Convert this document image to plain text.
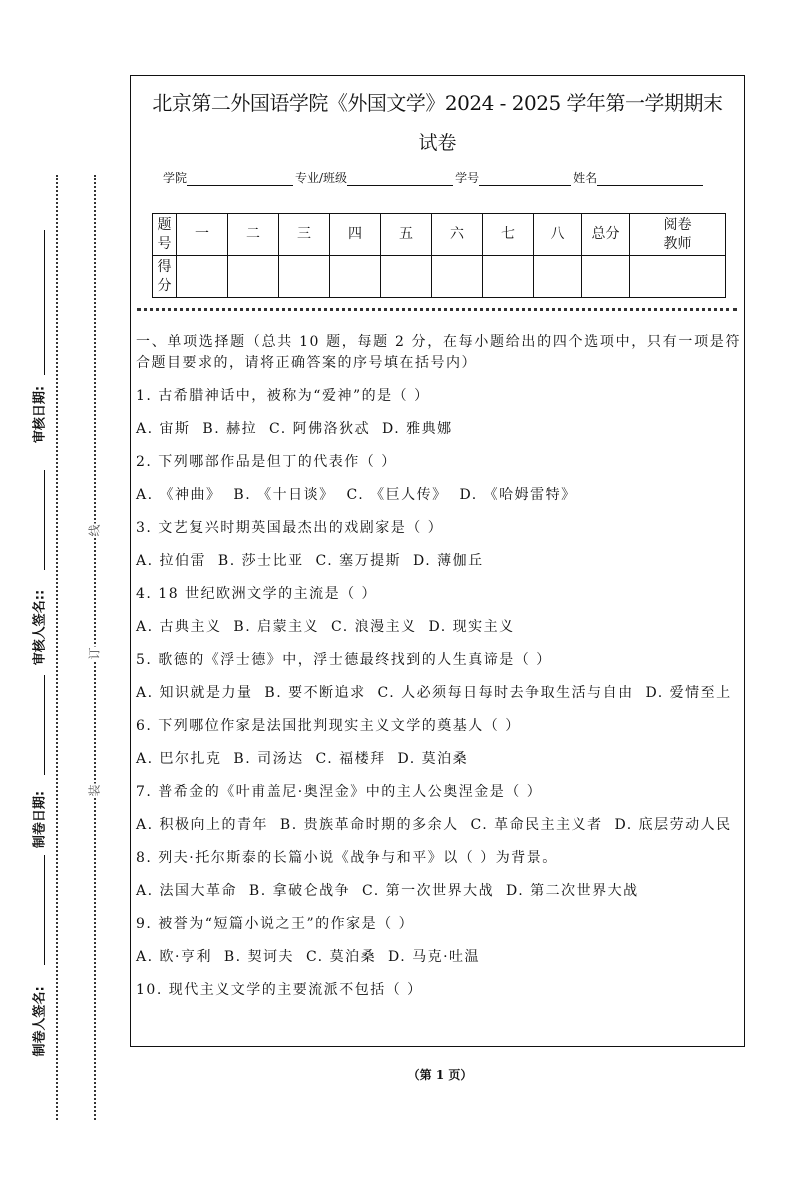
审核日期:
审核人签名::
制卷日期:
制卷人签名:
线
订
装
北京第二外国语学院《外国文学》2024 - 2025 学年第一学期期末
试卷
学院	专业/班级	学号	姓名
题号	一	二	三	四	五	六	七	八	总分	阅卷教师
得分										

一、单项选择题（总共 10 题，每题 2 分，在每小题给出的四个选项中，只有一项是符合题目要求的，请将正确答案的序号填在括号内）

1. 古希腊神话中，被称为“爱神”的是（ ）

A. 宙斯  B. 赫拉  C. 阿佛洛狄忒  D. 雅典娜

2. 下列哪部作品是但丁的代表作（ ）

A. 《神曲》  B. 《十日谈》  C. 《巨人传》  D. 《哈姆雷特》

3. 文艺复兴时期英国最杰出的戏剧家是（ ）

A. 拉伯雷  B. 莎士比亚  C. 塞万提斯  D. 薄伽丘

4. 18 世纪欧洲文学的主流是（ ）

A. 古典主义  B. 启蒙主义  C. 浪漫主义  D. 现实主义

5. 歌德的《浮士德》中，浮士德最终找到的人生真谛是（ ）

A. 知识就是力量  B. 要不断追求  C. 人必须每日每时去争取生活与自由  D. 爱情至上

6. 下列哪位作家是法国批判现实主义文学的奠基人（ ）

A. 巴尔扎克  B. 司汤达  C. 福楼拜  D. 莫泊桑

7. 普希金的《叶甫盖尼·奥涅金》中的主人公奥涅金是（ ）

A. 积极向上的青年  B. 贵族革命时期的多余人  C. 革命民主主义者  D. 底层劳动人民

8. 列夫·托尔斯泰的长篇小说《战争与和平》以（ ）为背景。

A. 法国大革命  B. 拿破仑战争  C. 第一次世界大战  D. 第二次世界大战

9. 被誉为“短篇小说之王”的作家是（ ）

A. 欧·亨利  B. 契诃夫  C. 莫泊桑  D. 马克·吐温

10. 现代主义文学的主要流派不包括（ ）

（第 1 页）
